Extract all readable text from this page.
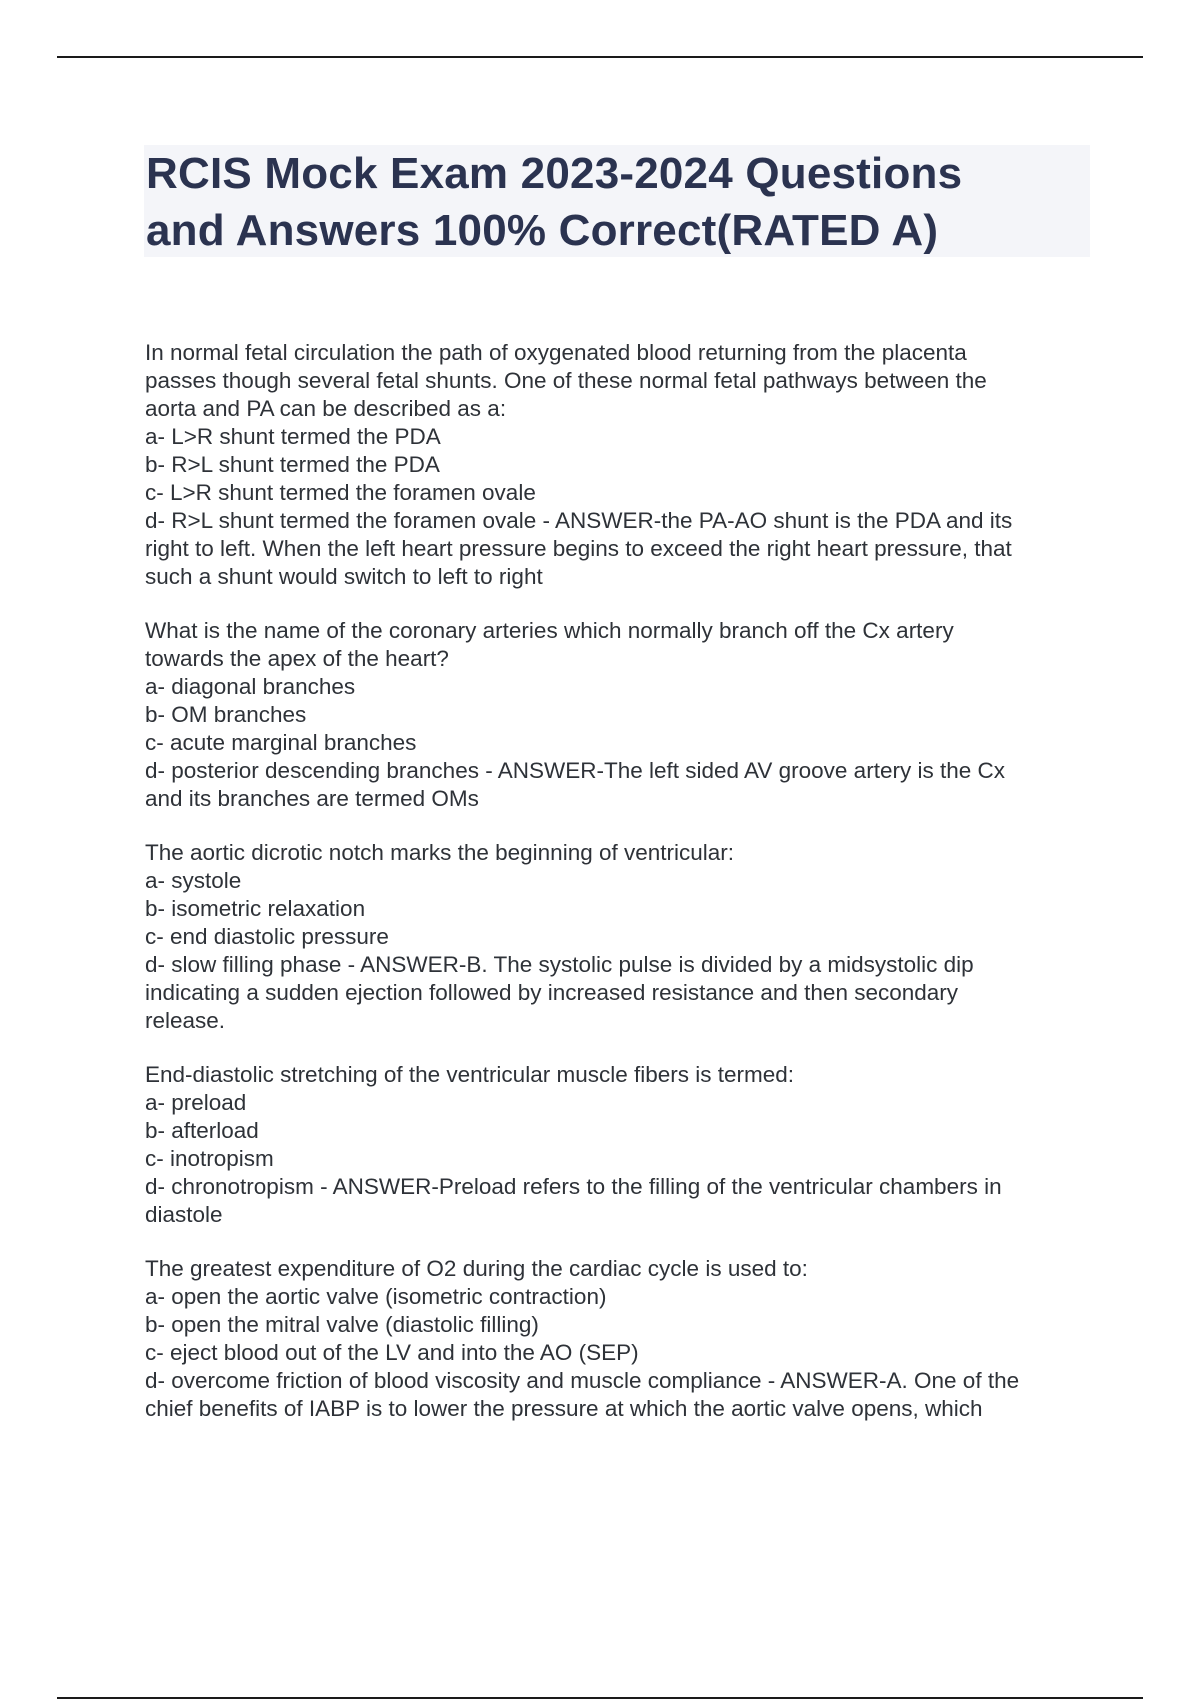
RCIS Mock Exam 2023-2024 Questions
and Answers 100% Correct(RATED A)
In normal fetal circulation the path of oxygenated blood returning from the placenta
passes though several fetal shunts. One of these normal fetal pathways between the
aorta and PA can be described as a:
a- L>R shunt termed the PDA
b- R>L shunt termed the PDA
c- L>R shunt termed the foramen ovale
d- R>L shunt termed the foramen ovale - ANSWER-the PA-AO shunt is the PDA and its
right to left. When the left heart pressure begins to exceed the right heart pressure, that
such a shunt would switch to left to right
What is the name of the coronary arteries which normally branch off the Cx artery
towards the apex of the heart?
a- diagonal branches
b- OM branches
c- acute marginal branches
d- posterior descending branches - ANSWER-The left sided AV groove artery is the Cx
and its branches are termed OMs
The aortic dicrotic notch marks the beginning of ventricular:
a- systole
b- isometric relaxation
c- end diastolic pressure
d- slow filling phase - ANSWER-B. The systolic pulse is divided by a midsystolic dip
indicating a sudden ejection followed by increased resistance and then secondary
release.
End-diastolic stretching of the ventricular muscle fibers is termed:
a- preload
b- afterload
c- inotropism
d- chronotropism - ANSWER-Preload refers to the filling of the ventricular chambers in
diastole
The greatest expenditure of O2 during the cardiac cycle is used to:
a- open the aortic valve (isometric contraction)
b- open the mitral valve (diastolic filling)
c- eject blood out of the LV and into the AO (SEP)
d- overcome friction of blood viscosity and muscle compliance - ANSWER-A. One of the
chief benefits of IABP is to lower the pressure at which the aortic valve opens, which
